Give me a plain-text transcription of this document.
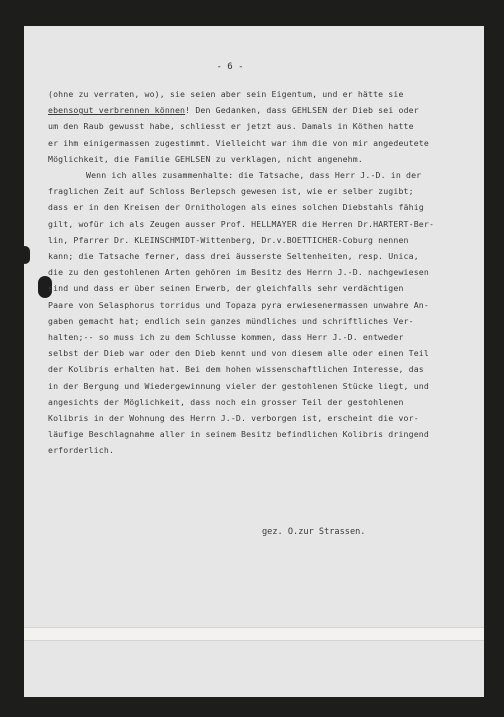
- 6 -
(ohne zu verraten, wo), sie seien aber sein Eigentum, und er hätte sie
ebensogut verbrennen können! Den Gedanken, dass GEHLSEN der Dieb sei oder
um den Raub gewusst habe, schliesst er jetzt aus. Damals in Köthen hatte
er ihm einigermassen zugestimmt. Vielleicht war ihm die von mir angedeutete
Möglichkeit, die Familie GEHLSEN zu verklagen, nicht angenehm.
Wenn ich alles zusammenhalte: die Tatsache, dass Herr J.-D. in der
fraglichen Zeit auf Schloss Berlepsch gewesen ist, wie er selber zugibt;
dass er in den Kreisen der Ornithologen als eines solchen Diebstahls fähig
gilt, wofür ich als Zeugen ausser Prof. HELLMAYER die Herren Dr.HARTERT-Ber-
lin, Pfarrer Dr. KLEINSCHMIDT-Wittenberg, Dr.v.BOETTICHER-Coburg nennen
kann; die Tatsache ferner, dass drei äusserste Seltenheiten, resp. Unica,
die zu den gestohlenen Arten gehören im Besitz des Herrn J.-D. nachgewiesen
sind und dass er über seinen Erwerb, der gleichfalls sehr verdächtigen
Paare von Selasphorus torridus und Topaza pyra erwiesenermassen unwahre An-
gaben gemacht hat; endlich sein ganzes mündliches und schriftliches Ver-
halten;-- so muss ich zu dem Schlusse kommen, dass Herr J.-D. entweder
selbst der Dieb war oder den Dieb kennt und von diesem alle oder einen Teil
der Kolibris erhalten hat. Bei dem hohen wissenschaftlichen Interesse, das
in der Bergung und Wiedergewinnung vieler der gestohlenen Stücke liegt, und
angesichts der Möglichkeit, dass noch ein grosser Teil der gestohlenen
Kolibris in der Wohnung des Herrn J.-D. verborgen ist, erscheint die vor-
läufige Beschlagnahme aller in seinem Besitz befindlichen Kolibris dringend
erforderlich.
gez. O.zur Strassen.
